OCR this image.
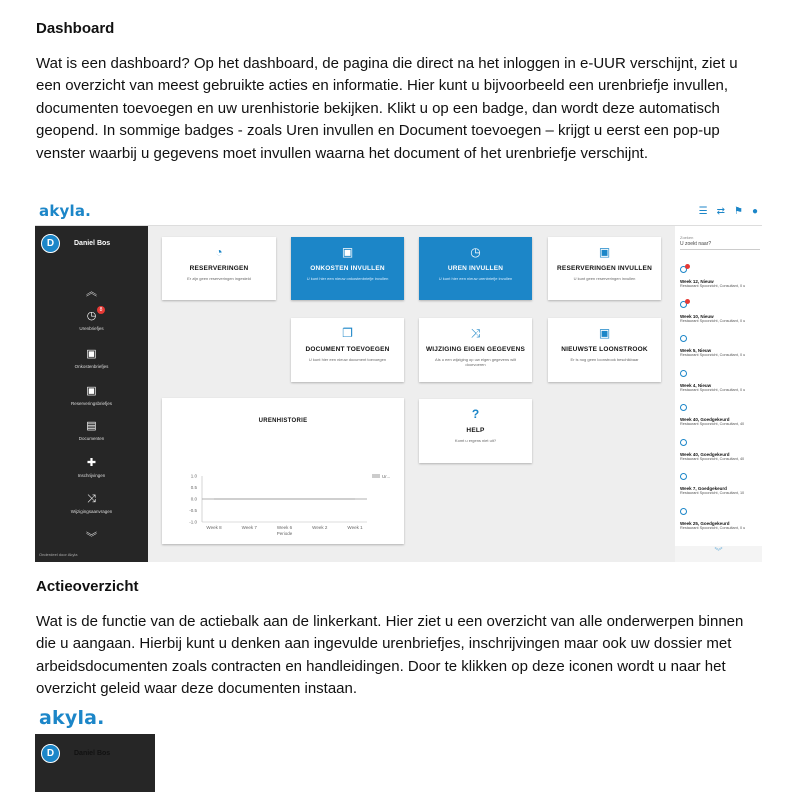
Dashboard

Wat is een dashboard? Op het dashboard, de pagina die direct na het inloggen in e-UUR verschijnt, ziet u een overzicht van meest gebruikte acties en informatie. Hier kunt u bijvoorbeeld een urenbriefje invullen, documenten toevoegen en uw urenhistorie bekijken. Klikt u op een badge, dan wordt deze automatisch geopend. In sommige badges - zoals Uren invullen en Document toevoegen – krijgt u eerst een pop-up venster waarbij u gegevens moet invullen waarna het document of het urenbriefje verschijnt.

akyla.	☰ ⇄ ⚑ ●
D	Daniel Bos
︽
◷ 8
Urenbriefjes
▣
Onkostenbriefjes
▣
Reserveringsbriefjes
▤
Documenten
✚
Inschrijvingen
⤨
Wijzigingsaanvragen
︾
Onderdeel door Akyla
◔
RESERVERINGEN
Er zijn geen reserveringen ingesteld
▣
ONKOSTEN INVULLEN
U kunt hier een nieuw onkostenbriefje invullen
◷
UREN INVULLEN
U kunt hier een nieuw urenbriefje invullen
▣
RESERVERINGEN INVULLEN
U kunt geen reserveringen invullen
❐
DOCUMENT TOEVOEGEN
U kunt hier een nieuw document toevoegen
⤨
WIJZIGING EIGEN GEGEVENS
Als u een wijziging op uw eigen gegevens wilt doorvoeren
▣
NIEUWSTE LOONSTROOK
Er is nog geen loonstrook beschikbaar
?
HELP
Komt u ergens niet uit?
URENHISTORIE
1.0
0.5
0.0
-0.5
-1.0
Week 8	Week 7	Week 6	Week 2	Week 1
Periode
Ur...
Zoeken
U zoekt naar?
Week 12, Nieuw
Restaurant Spoorzicht, Consultant, 0 u
Week 10, Nieuw
Restaurant Spoorzicht, Consultant, 0 u
Week 5, Nieuw
Restaurant Spoorzicht, Consultant, 0 u
Week 4, Nieuw
Restaurant Spoorzicht, Consultant, 0 u
Week 40, Goedgekeurd
Restaurant Spoorzicht, Consultant, 40
Week 40, Goedgekeurd
Restaurant Spoorzicht, Consultant, 40
Week 7, Goedgekeurd
Restaurant Spoorzicht, Consultant, 10
Week 25, Goedgekeurd
Restaurant Spoorzicht, Consultant, 0 u
︾
Actieoverzicht

Wat is de functie van de actiebalk aan de linkerkant. Hier ziet u een overzicht van alle onderwerpen binnen die u aangaan. Hierbij kunt u denken aan ingevulde urenbriefjes, inschrijvingen maar ook uw dossier met arbeidsdocumenten zoals contracten en handleidingen. Door te klikken op deze iconen wordt u naar het overzicht geleid waar deze documenten instaan.

akyla.
D	Daniel Bos
